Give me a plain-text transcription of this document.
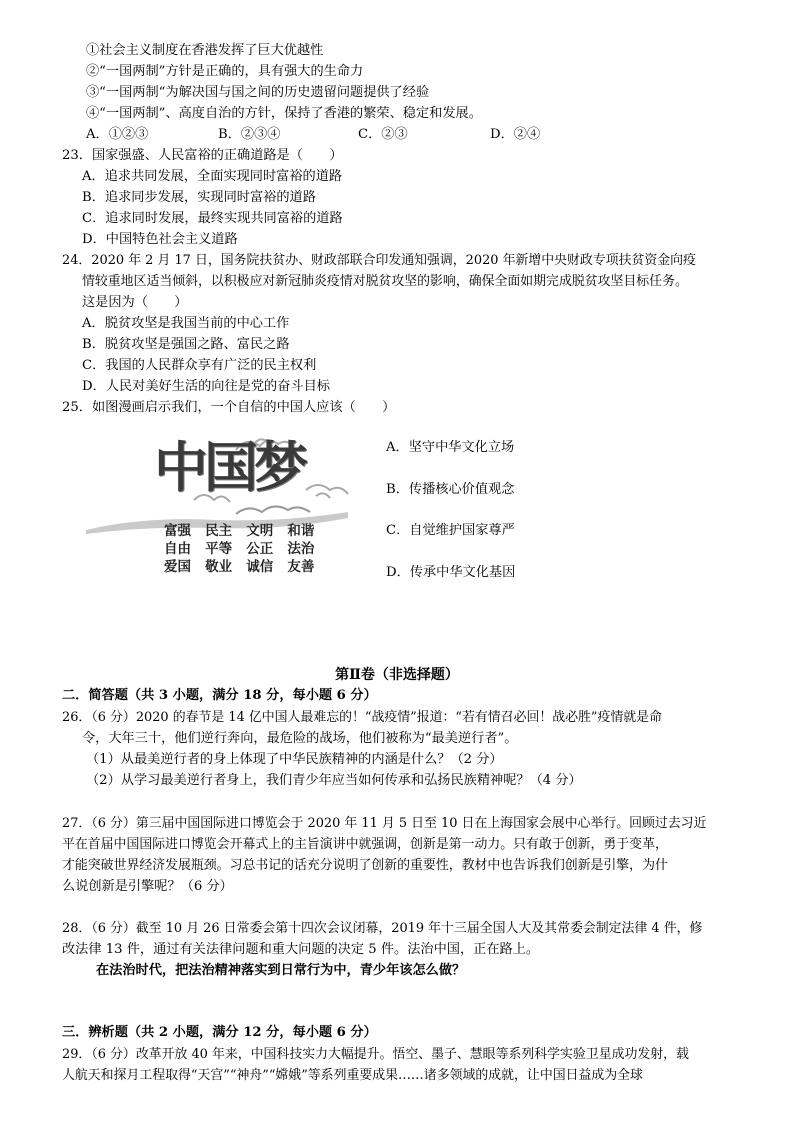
①社会主义制度在香港发挥了巨大优越性
②“一国两制”方针是正确的，具有强大的生命力
③“一国两制“为解决国与国之间的历史遗留问题提供了经验
④“一国两制”、高度自治的方针，保持了香港的繁荣、稳定和发展。
A．①②③	B．②③④	C．②③	D．②④
23．国家强盛、人民富裕的正确道路是（　　）
A．追求共同发展，全面实现同时富裕的道路
B．追求同步发展，实现同时富裕的道路
C．追求同时发展，最终实现共同富裕的道路
D．中国特色社会主义道路
24．2020 年 2 月 17 日，国务院扶贫办、财政部联合印发通知强调，2020 年新增中央财政专项扶贫资金向疫
情较重地区适当倾斜，以积极应对新冠肺炎疫情对脱贫攻坚的影响，确保全面如期完成脱贫攻坚目标任务。
这是因为（　　）
A．脱贫攻坚是我国当前的中心工作
B．脱贫攻坚是强国之路、富民之路
C．我国的人民群众享有广泛的民主权利
D．人民对美好生活的向往是党的奋斗目标
25．如图漫画启示我们，一个自信的中国人应该（　　）
中国梦
富强 民主 文明 和谐
自由 平等 公正 法治
爱国 敬业 诚信 友善
A．坚守中华文化立场
B．传播核心价值观念
C．自觉维护国家尊严
D．传承中华文化基因
第Ⅱ卷（非选择题）
二．简答题（共 3 小题，满分 18 分，每小题 6 分）
26．（6 分）2020 的春节是 14 亿中国人最难忘的！“战疫情”报道：“若有情召必回！战必胜”疫情就是命
令，大年三十，他们逆行奔向，最危险的战场，他们被称为“最美逆行者”。
（1）从最美逆行者的身上体现了中华民族精神的内涵是什么？（2 分）
（2）从学习最美逆行者身上，我们青少年应当如何传承和弘扬民族精神呢？（4 分）
27．（6 分）第三届中国国际进口博览会于 2020 年 11 月 5 日至 10 日在上海国家会展中心举行。回顾过去习近
平在首届中国国际进口博览会开幕式上的主旨演讲中就强调，创新是第一动力。只有敢于创新，勇于变革，
才能突破世界经济发展瓶颈。习总书记的话充分说明了创新的重要性，教材中也告诉我们创新是引擎，为什
么说创新是引擎呢？（6 分）
28．（6 分）截至 10 月 26 日常委会第十四次会议闭幕，2019 年十三届全国人大及其常委会制定法律 4 件，修
改法律 13 件，通过有关法律问题和重大问题的决定 5 件。法治中国，正在路上。
在法治时代，把法治精神落实到日常行为中，青少年该怎么做？
三．辨析题（共 2 小题，满分 12 分，每小题 6 分）
29．（6 分）改革开放 40 年来，中国科技实力大幅提升。悟空、墨子、慧眼等系列科学实验卫星成功发射，载
人航天和探月工程取得“天宫”“神舟”“嫦娥”等系列重要成果……诸多领域的成就，让中国日益成为全球
